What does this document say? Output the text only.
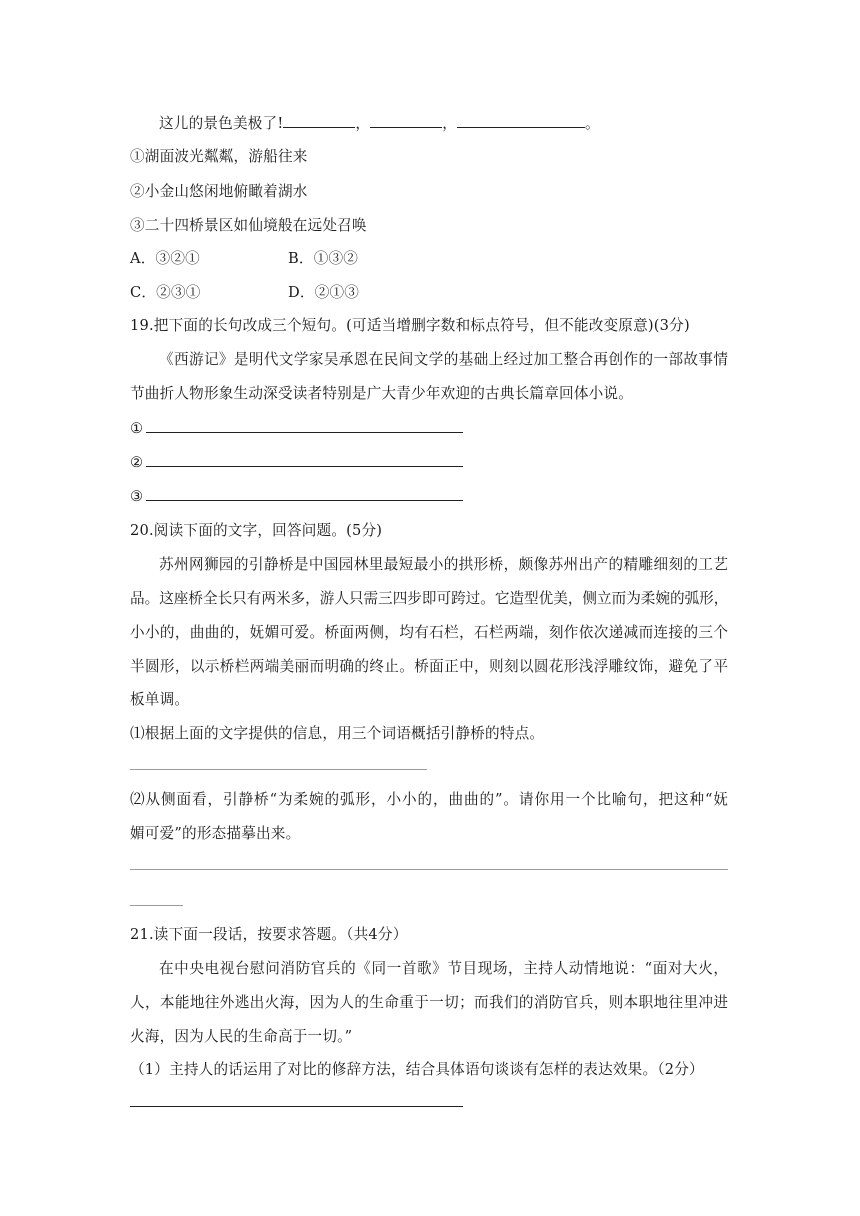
这儿的景色美极了!	，	，	。
①湖面波光粼粼，游船往来
②小金山悠闲地俯瞰着湖水
③二十四桥景区如仙境般在远处召唤
A．③②①	B．①③②
C．②③①	D．②①③
19.把下面的长句改成三个短句。(可适当增删字数和标点符号，但不能改变原意)(3分)
《西游记》是明代文学家吴承恩在民间文学的基础上经过加工整合再创作的一部故事情
节曲折人物形象生动深受读者特别是广大青少年欢迎的古典长篇章回体小说。
①
②
③
20.阅读下面的文字，回答问题。(5分)
苏州网狮园的引静桥是中国园林里最短最小的拱形桥，颇像苏州出产的精雕细刻的工艺
品。这座桥全长只有两米多，游人只需三四步即可跨过。它造型优美，侧立而为柔婉的弧形，
小小的，曲曲的，妩媚可爱。桥面两侧，均有石栏，石栏两端，刻作依次递减而连接的三个
半圆形，以示桥栏两端美丽而明确的终止。桥面正中，则刻以圆花形浅浮雕纹饰，避免了平
板单调。
⑴根据上面的文字提供的信息，用三个词语概括引静桥的特点。
⑵从侧面看，引静桥“为柔婉的弧形，小小的，曲曲的”。请你用一个比喻句，把这种“妩
媚可爱”的形态描摹出来。
21.读下面一段话，按要求答题。（共4分）
在中央电视台慰问消防官兵的《同一首歌》节目现场，主持人动情地说：“面对大火，
人，本能地往外逃出火海，因为人的生命重于一切；而我们的消防官兵，则本职地往里冲进
火海，因为人民的生命高于一切。”
（1）主持人的话运用了对比的修辞方法，结合具体语句谈谈有怎样的表达效果。（2分）
